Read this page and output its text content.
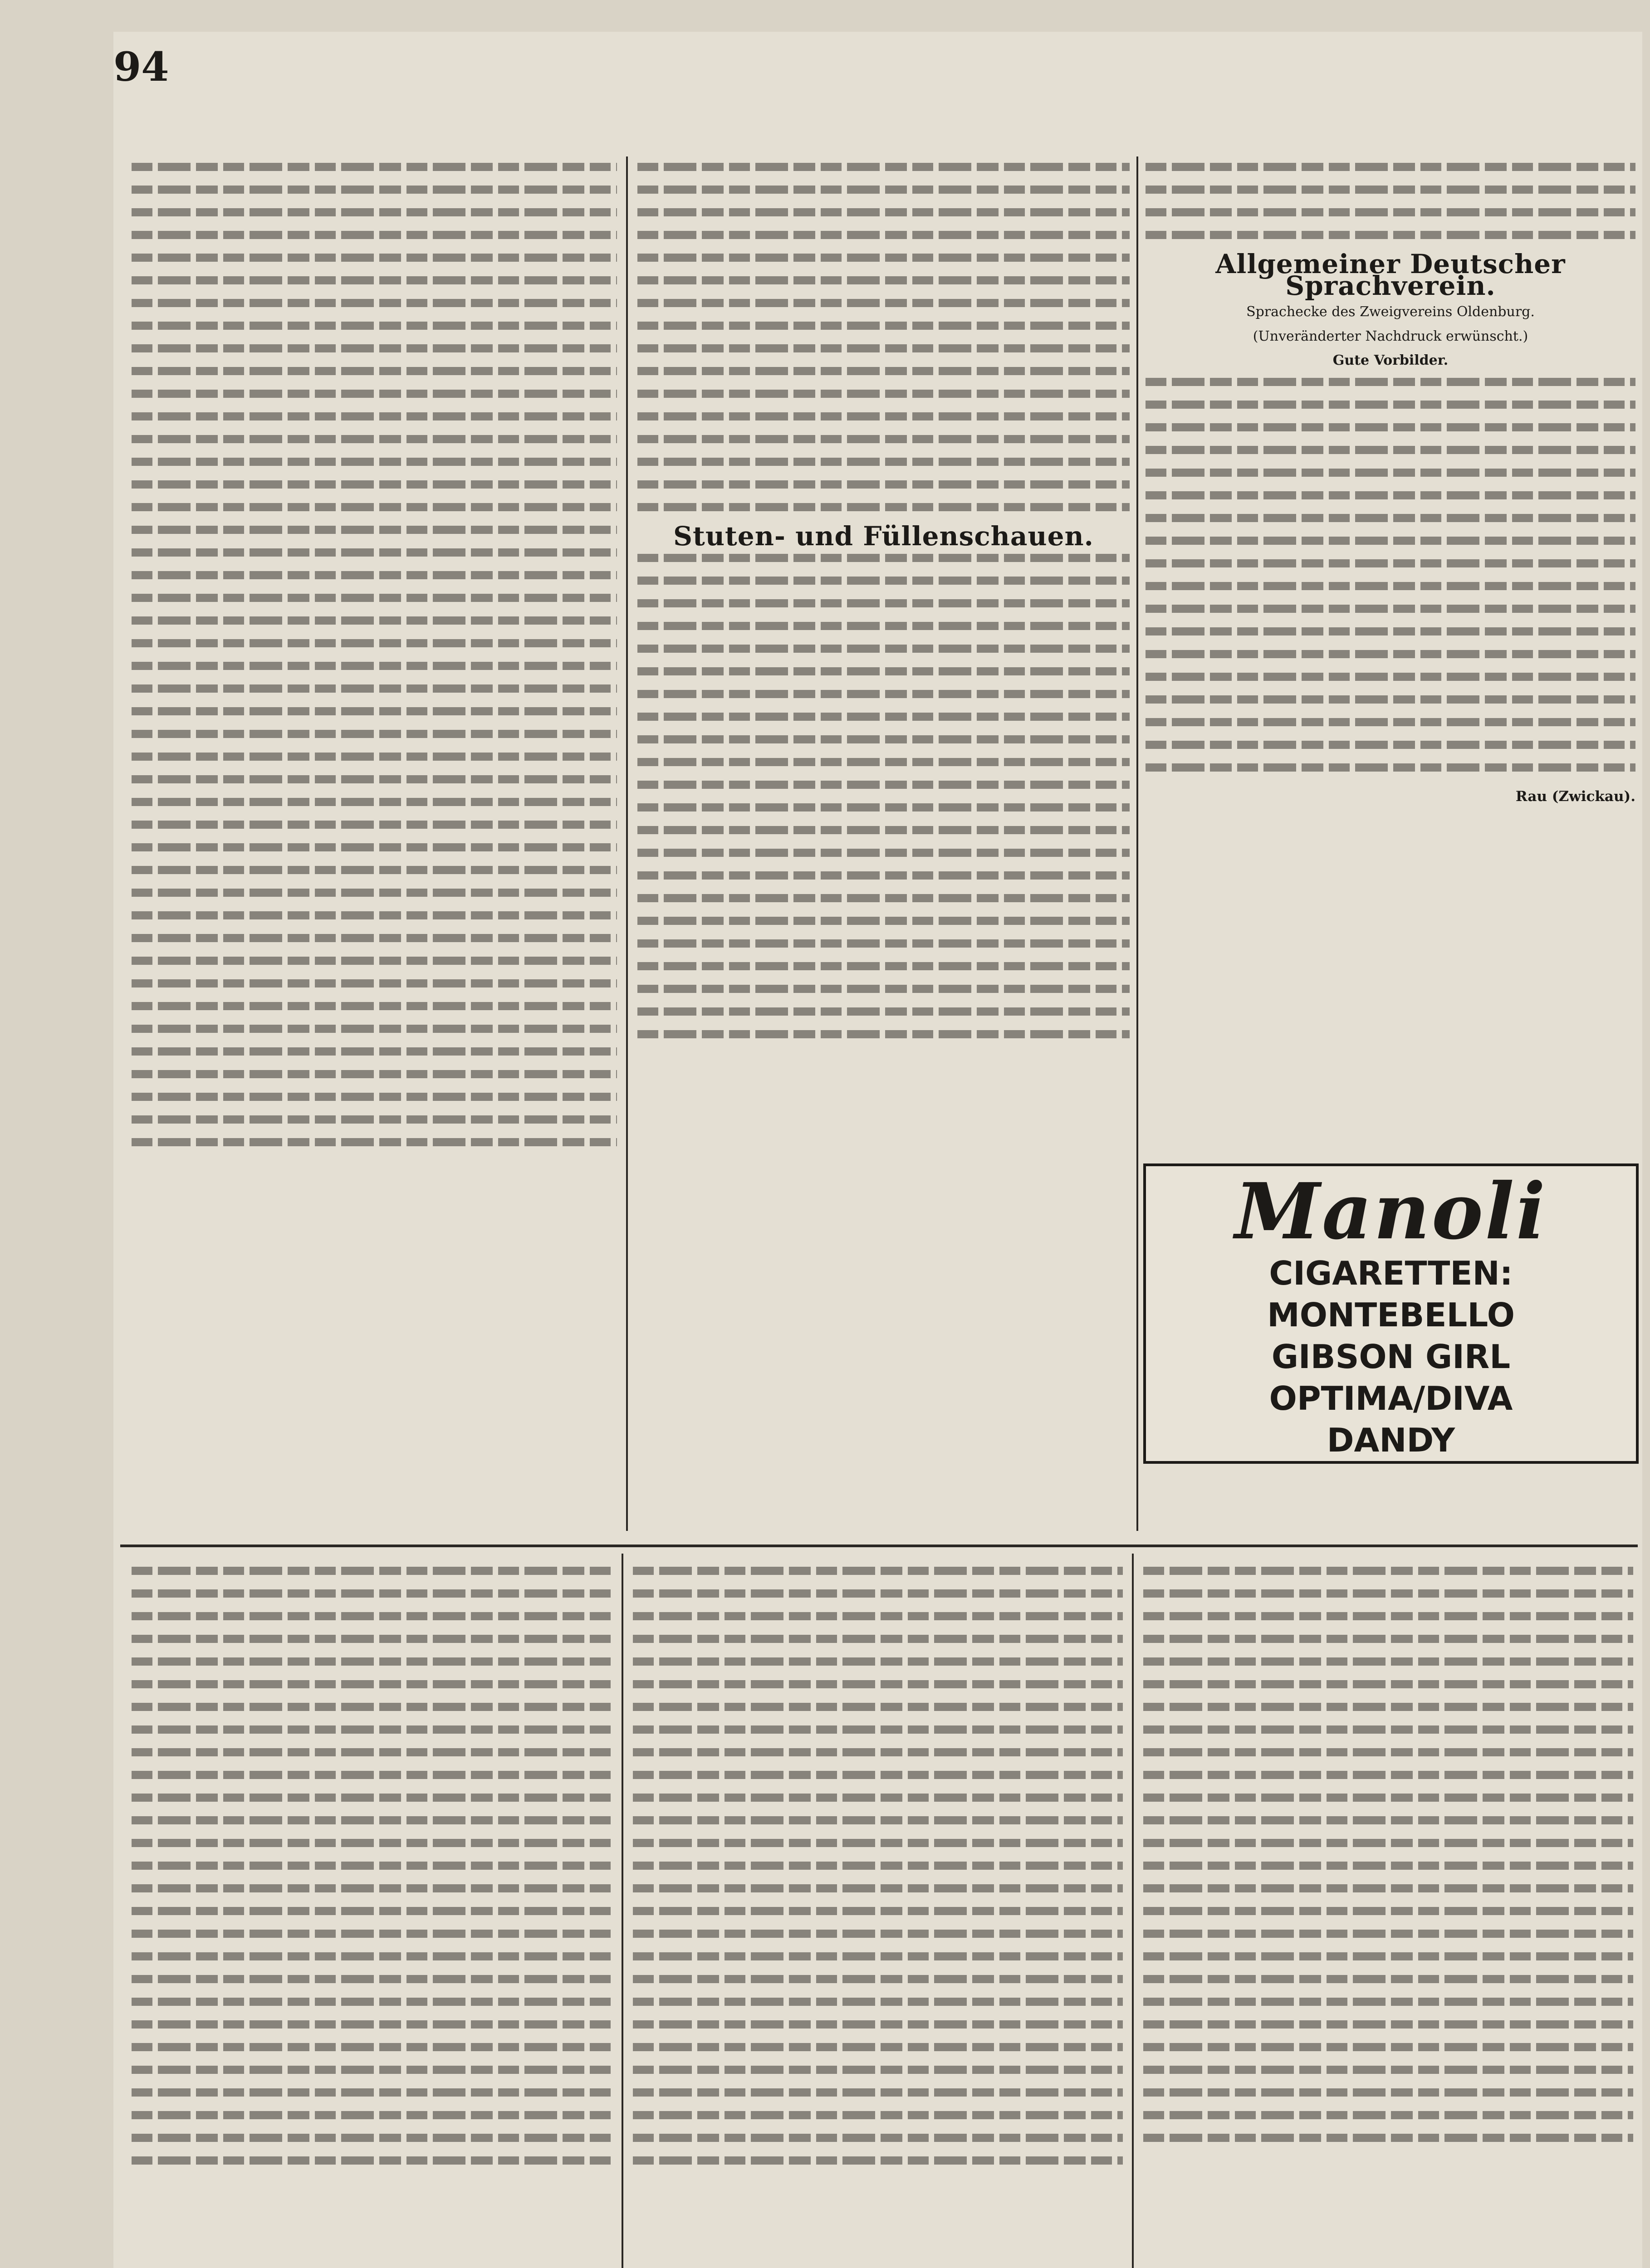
94
Stuten- und Füllenschauen.
Allgemeiner Deutscher Sprachverein.
Sprachecke des Zweigvereins Oldenburg.
(Unveränderter Nachdruck erwünscht.)
Gute Vorbilder.
Rau (Zwickau).
Manoli
CIGARETTEN:
MONTEBELLO
GIBSON GIRL
OPTIMA/DIVA
DANDY
